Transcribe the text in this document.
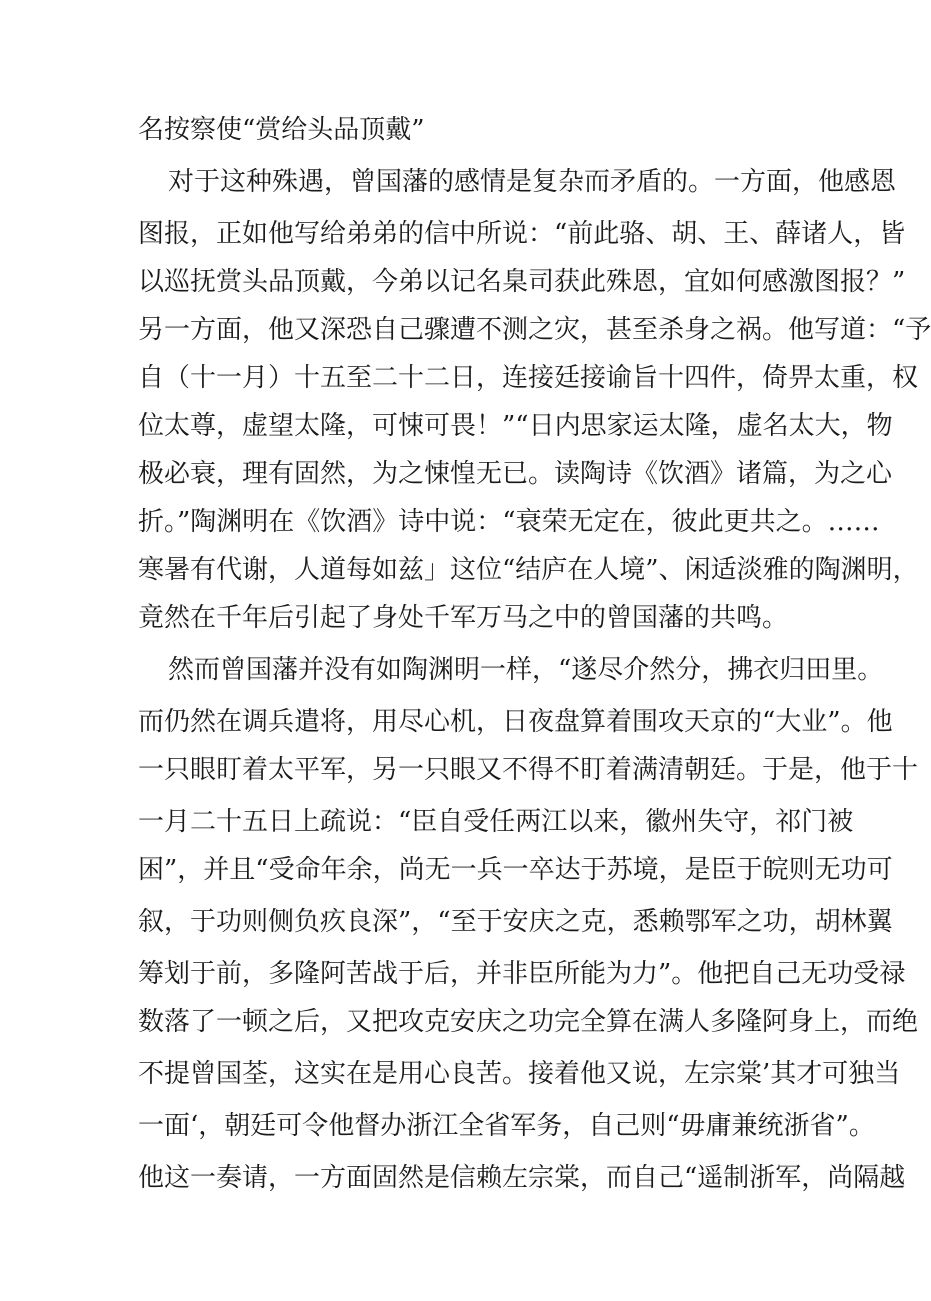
名按察使“赏给头品顶戴”
对于这种殊遇，曾国藩的感情是复杂而矛盾的。一方面，他感恩
图报，正如他写给弟弟的信中所说：“前此骆、胡、王、薛诸人，皆
以巡抚赏头品顶戴，今弟以记名臬司获此殊恩，宜如何感激图报？”
另一方面，他又深恐自己骤遭不测之灾，甚至杀身之祸。他写道：“予
自（十一月）十五至二十二日，连接廷接谕旨十四件，倚畀太重，权
位太尊，虚望太隆，可悚可畏！”“日内思家运太隆，虚名太大，物
极必衰，理有固然，为之悚惶无已。读陶诗《饮酒》诸篇，为之心
折。”陶渊明在《饮酒》诗中说：“衰荣无定在，彼此更共之。……
寒暑有代谢，人道每如兹」这位“结庐在人境”、闲适淡雅的陶渊明，
竟然在千年后引起了身处千军万马之中的曾国藩的共鸣。
然而曾国藩并没有如陶渊明一样，“遂尽介然分，拂衣归田里。
而仍然在调兵遣将，用尽心机，日夜盘算着围攻天京的“大业”。他
一只眼盯着太平军，另一只眼又不得不盯着满清朝廷。于是，他于十
一月二十五日上疏说：“臣自受任两江以来，徽州失守，祁门被
困”，并且“受命年余，尚无一兵一卒达于苏境，是臣于皖则无功可
叙，于功则侧负疚良深”，“至于安庆之克，悉赖鄂军之功，胡林翼
筹划于前，多隆阿苦战于后，并非臣所能为力”。他把自己无功受禄
数落了一顿之后，又把攻克安庆之功完全算在满人多隆阿身上，而绝
不提曾国荃，这实在是用心良苦。接着他又说，左宗棠’其才可独当
一面‘，朝廷可令他督办浙江全省军务，自己则“毋庸兼统浙省”。
他这一奏请，一方面固然是信赖左宗棠，而自己“遥制浙军，尚隔越
